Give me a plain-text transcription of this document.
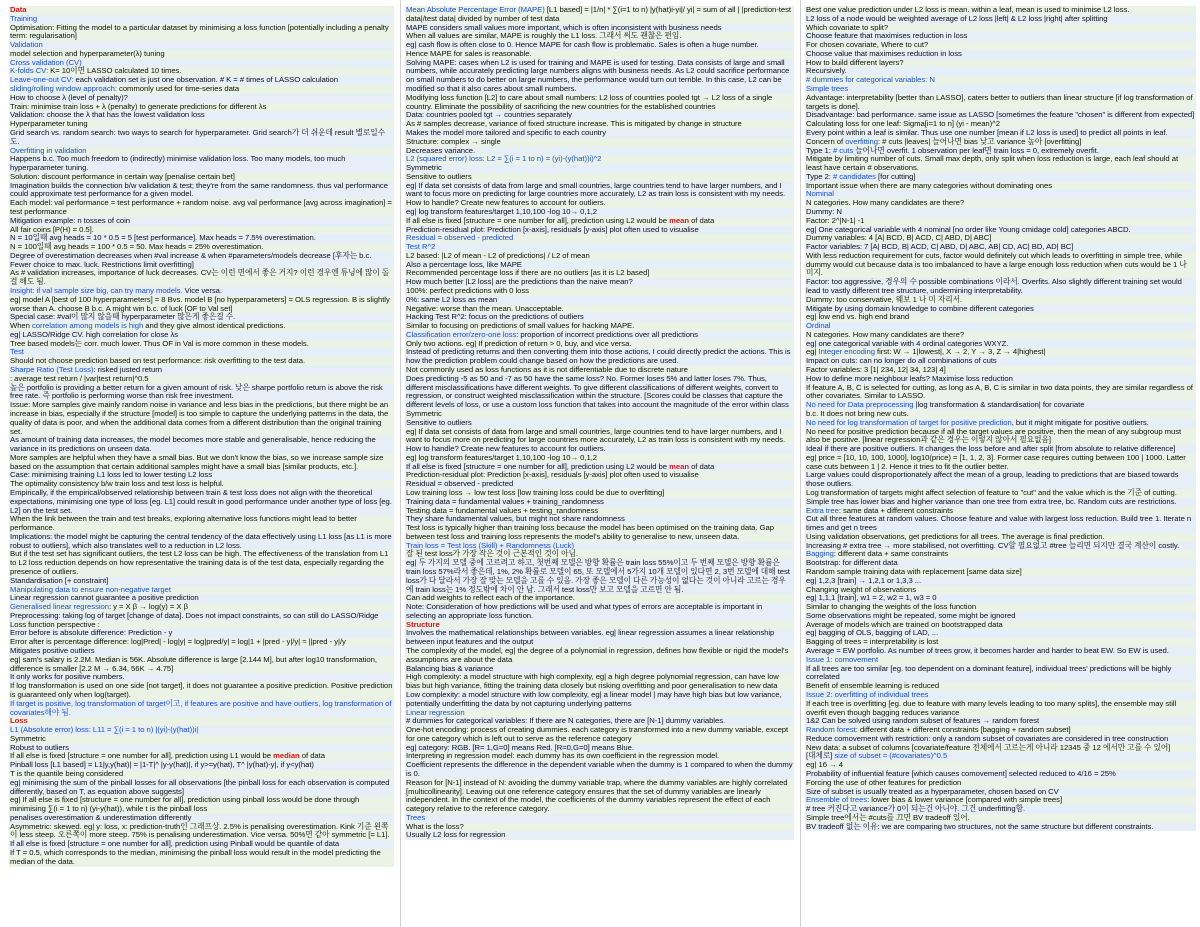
Data
Training
Optimisation: Fitting the model to a particular dataset by minimising a loss function [potentially including a penalty term: regularisation]
Validation
model selection and hyperparameter(λ) tuning
Cross validation (CV)
K-folds CV: K= 10이면 LASSO calculated 10 times.
Leave-one-out CV: each validation set is just one observation. # K = # times of LASSO calculation
sliding/rolling window approach: commonly used for time-series data
How to choose λ (level of penalty)?
Train: minimise train loss + λ (penalty) to generate predictions for different λs
Validation: choose the λ that has the lowest validation loss
Hyperparameter tuning
Grid search vs. random search: two ways to search for hyperparameter. Grid search가 더 쉬운데 result 별로일수도.
Overfitting in validation
Happens b.c. Too much freedom to (indirectly) minimise validation loss. Too many models, too much hyperparameter tuning.
Solution: discount performance in certain way [penalise certain bet]
Imagination builds the connection b/w validation & test; they're from the same randomness. thus val performance could approximate test performance for a given model.
Each model: val performance = test performance + random noise. avg val performance [avg across imagination] = test performance
Mitigation example: n tosses of coin
All fair coins [P(H) = 0.5].
N = 10일때 avg heads = 10 * 0.5 = 5 [test performance]. Max heads = 7.5% overestimation.
N = 100일때 avg heads = 100 * 0.5 = 50. Max heads = 25% overestimation.
Degree of overestimation decreases when #val increase & when #parameters/models decrease [후자는 b.c. Fewer choice to max. luck. Restrictions limit overfitting]
As # validation increases, importance of luck decreases. CV는 이런 면에서 좋은 거지? 이런 경우엔 튜닝에 많이 돌 걸 해도 됨.
Insight: if val sample size big, can try many models. Vice versa.
eg| model A [best of 100 hyperparameters] = 8 Bvs. model B [no hyperparameters] = OLS regression. B is slightly worse than A. choose B b.c. A might win b.c. of luck [OF to Val set]
Special case: #val이 많지 않을때 hyperparameter 많은게 좋은걸 수.
When correlation among models is high and they give almost identical predictions.
eg| LASSO/Ridge CV. high correlation for close λs
Tree based models는 corr. much lower. Thus OF in Val is more common in these models.
Test
Should not choose prediction based on test performance: risk overfitting to the test data.
Sharpe Ratio (Test Loss): risked justed return
: average test return / |var|test return|^0.5
높은 portfolio is providing a better return for a given amount of risk. 낮은 sharpe portfolio return is above the risk free rate. 즉 portfolio is performing worse than risk free investment.
Issue: More samples give mainly random noise in variance and less bias in the predictions, but there might be an increase in bias, especially if the structure [model] is too simple to capture the underlying patterns in the data, the quality of data is poor, and when the additional data comes from a different distribution than the original training set.
As amount of training data increases, the model becomes more stable and generalisable, hence reducing the variance in its predictions on unseen data.
More samples are helpful when they have a small bias. But we don't know the bias, so we increase sample size based on the assumption that certain additional samples might have a small bias [similar products, etc.].
Case: minimising training L1 loss led to lower testing L2 loss
The optimality consistency b/w train loss and test loss is helpful.
Empirically, if the empirical/observed relationship between train & test loss does not align with the theoretical expectations, minimising one type of loss [eg. L1] could result in good performance under another type of loss [eg. L2] on the test set.
When the link between the train and test breaks, exploring alternative loss functions might lead to better performance.
Implications: the model might be capturing the central tendency of the data effectively using L1 loss [as L1 is more robust to outliers], which also translates well to a reduction in L2 loss.
But if the test set has significant outliers, the test L2 loss can be high. The effectiveness of the translation from L1 to L2 loss reduction depends on how representative the training data is of the test data, especially regarding the presence of outliers.
Standardisation [+ constraint]
Manipulating data to ensure non-negative target
Linear regression cannot guarantee a positive prediction
Generalised linear regression: y = X β → log(y) = X β
Preprocessing: taking log of target [change of data]. Does not impact constraints, so can still do LASSO/Ridge
Loss function perspective :
Error before is absolute difference: Prediction - y
Error after is percentage difference: log|Pred| - log|y| = log|pred/y| = log|1 + |pred - y|/y| ≈ ||pred - y|/y
Mitigates positive outliers
eg| sam's salary is 2.2M. Median is 56K. Absolute difference is large [2.144 M], but after log10 transformation, difference is smaller [2.2 M → 6.34, 56K → 4.75]
It only works for positive numbers.
If log transformation is used on one side [not target], it does not guarantee a positive prediction. Positive prediction is guaranteed only when log(target).
If target is positive, log transformation of target이고, if features are positive and have outliers, log transformation of covariates해야 됨.
Loss
L1 (Absolute error) loss: L11 = ∑(i = 1 to n) |(yi)-(y(hat))i|
Symmetric
Robust to outliers
If all else is fixed [structure = one number for all], prediction using L1 would be median of data
Pinball loss [L1 based] = L1|y,y(hat)| = |1-T|^ |y-y(hat)|, if y>=y(hat), T^ |y(hat)-y|, if y<y(hat)
T is the quantile being considered
eg| minimising the sum of the pinball losses for all observations [the pinball loss for each observation is computed differently, based on T, as equation above suggests]
eg| If all else is fixed [structure = one number for all], prediction using pinball loss would be done through minimising ∑(i = 1 to n) (yi-y(hat)), while t is the pinball loss
penalises overestimation & underestimation differently
Asymmetric: skewed. eg| y: loss, x: prediction-truth인 그래프상. 2.5% is penalising overestimation. Kink 기준 왼쪽이 less steep. 오른쪽이 more steep. 75% is penalising underestimation. Vice versa. 50%면 같아 symmetric [= L1].
If all else is fixed [structure = one number for all], prediction using Pinball would be quantile of data
If T = 0.5, which corresponds to the median, minimising the pinball loss would result in the model predicting the median of the data.
Mean Absolute Percentage Error (MAPE) [L1 based] = |1/n| * ∑(i=1 to n) |y(hat)i-yi|/ yi| = sum of all | |prediction-test data|/test data| divided by number of test data
MAPE considers small values more important, which is often inconsistent with business needs
When all values are similar, MAPE is roughly the L1 loss. 그래서 써도 괜찮은 편임.
eg| cash flow is often close to 0. Hence MAPE for cash flow is problematic. Sales is often a huge number.
Hence MAPE for sales is reasonable.
Solving MAPE: cases when L2 is used for training and MAPE is used for testing. Data consists of large and small numbers, while accurately predicting large numbers aligns with business needs. As L2 could sacrifice performance on small numbers to do better on large numbers, the performance would turn out terrible. In this case, L2 can be modified so that it also cares about small numbers.
Modifying loss function [L2] to care about small numbers: L2 loss of countries pooled tgt → L2 loss of a single country. Eliminate the possibility of sacrificing the new countries for the established countries
Data: countries pooled tgt → countries separately
As # samples decrease, variance of fixed structure increase. This is mitigated by change in structure
Makes the model more tailored and specific to each country
Structure: complex → single
Decreases variance.
L2 (squared error) loss: L2 = ∑(i = 1 to n) = (yi)-(y(hat))i)^2
Symmetric
Sensitive to outliers
eg| If data set consists of data from large and small countries, large countries tend to have larger numbers, and I want to focus more on predicting for large countries more accurately, L2 as train loss is consistent with my needs.
How to handle? Create new features to account for outliers.
eg| log transform features/target 1,10,100 -log 10→ 0,1,2
If all else is fixed [structure = one number for all], prediction using L2 would be mean of data
Prediction-residual plot: Prediction [x-axis], residuals [y-axis] plot often used to visualise
Residual = observed - predicted
Test R^2
L2 based: |L2 of mean - L2 of predictions| / L2 of mean
Also a percentage loss, like MAPE
Recommended percentage loss if there are no outliers [as it is L2 based]
How much better |L2 loss| are the predictions than the naive mean?
100%: perfect predictions with 0 loss
0%: same L2 loss as mean
Negative: worse than the mean. Unacceptable.
Hacking Test R^2: focus on the predictions of outliers
Similar to focusing on predictions of small values for hacking MAPE.
Classification error/zero-one loss: proportion of incorrect predictions over all predictions
Only two actions. eg| If prediction of return > 0, buy, and vice versa.
Instead of predicting returns and then converting them into those actions, I could directly predict the actions. This is how the prediction problem could change based on how the predictions are used.
Not commonly used as loss functions as it is not differentiable due to discrete nature
Does predicting -5 as 50 and -7 as 50 have the same loss? No. Former loses 5% and latter loses 7%. Thus, different misclassifications have different weights. To give different classifications of different weights, convert to regression, or construct weighted misclassification within the structure. [Scores could be classes that capture the different levels of loss, or use a custom loss function that takes into account the magnitude of the error within class
Symmetric
Sensitive to outliers
eg| If data set consists of data from large and small countries, large countries tend to have larger numbers, and I want to focus more on predicting for large countries more accurately, L2 as train loss is consistent with my needs.
How to handle? Create new features to account for outliers.
eg| log transform features/target 1,10,100 -log 10→ 0,1,2
If all else is fixed [structure = one number for all], prediction using L2 would be mean of data
Prediction-residual plot: Prediction [x-axis], residuals [y-axis] plot often used to visualise
Residual = observed - predicted
Low training loss → low test loss [low training loss could be due to overfitting]
Training data = fundamental values + training_randomness
Testing data = fundamental values + testing_randomness
They share fundamental values, but might not share randomness
Test loss is typically higher than training loss because the model has been optimised on the training data. Gap between test loss and training loss represents the model's ability to generalise to new, unseen data.
Train loss = Test loss (Skill) + Randomness (Luck)
잘 된 test loss가 가장 작은 것이 근본적인 것이 아님.
eg| 두 가지의 모델 중에 고르려고 하고, 첫번째 모델은 방향 확률은 train loss 55%이고 두 번째 모델은 방향 확률은 train loss 57%라서 좋은데, 1%, 2% 확률로 모델이 65, 또 모델에서 5가지 10개 모델이 있다면 2, 3번 모델에 대해 test loss가 다 달라서 가장 잘 맞는 모델을 고를 수 있음. 가장 좋은 모델이 다른 가능성이 없다는 것이 아니라 고르는 경우에 train loss는 1% 정도밖에 차이 안 남. 그래서 test loss만 보고 모델을 고르면 안 됨.
Can add weights to reflect each of the importance.
Note: Consideration of how predictions will be used and what types of errors are acceptable is important in selecting an appropriate loss function.
Structure
Involves the mathematical relationships between variables. eg| linear regression assumes a linear relationship between input features and the output
The complexity of the model, eg| the degree of a polynomial in regression, defines how flexible or rigid the model's assumptions are about the data
Balancing bias & variance
High complexity: a model structure with high complexity, eg| a high degree polynomial regression, can have low bias but high variance, fitting the training data closely but risking overfitting and poor generalisation to new data
Low complexity: a model structure with low complexity, eg| a linear model | may have high bias but low variance, potentially underfitting the data by not capturing underlying patterns
Linear regression
# dummies for categorical variables: If there are N categories, there are [N-1] dummy variables.
One-hot encoding: process of creating dummies. each category is transformed into a new dummy variable, except for one category which is left out to serve as the reference category
eg| category: RGB. [R= 1,G=0] means Red. [R=0,G=0] means Blue.
Interpreting in regression model: each dummy has its own coefficient in the regression model.
Coefficient represents the difference in the dependent variable when the dummy is 1 compared to when the dummy is 0.
Reason for [N-1] instead of N: avoiding the dummy variable trap, where the dummy variables are highly correlated [multicollinearity]. Leaving out one reference category ensures that the set of dummy variables are linearly independent. In the context of the model, the coefficients of the dummy variables represent the effect of each category relative to the reference category.
Trees
What is the loss?
Usually L2 loss for regression
Best one value prediction under L2 loss is mean. within a leaf, mean is used to minimise L2 loss.
L2 loss of a node would be weighted average of L2 loss |left| & L2 loss |right| after splitting
Which covariate to split?
Choose feature that maximises reduction in loss
For chosen covariate, Where to cut?
Choose value that maximises reduction in loss
How to build different layers?
Recursively.
# dummies for categorical variables: N
Simple trees
Advantage: interpretability [better than LASSO], caters better to outliers than linear structure [if log transformation of targets is done].
Disadvantage: bad performance. same issue as LASSO [sometimes the feature "chosen" is different from expected]
Calculating loss for one leaf: Sigma[i=1 to n] (yi - mean)^2
Every point within a leaf is similar. Thus use one number [mean if L2 loss is used] to predict all points in leaf.
Concern of overfitting: # cuts |leaves| 늘어나면 bias 낮고 variance 높아 [overfitting]
Type 1: # cuts 늘어나면 overfit. 1 observation per leaf면 train loss = 0, extremely overfit.
Mitigate by limiting number of cuts. Small max depth, only split when loss reduction is large, each leaf should at least have certain # observations.
Type 2: # candidates [for cutting]
Important issue when there are many categories without dominating ones
Nominal
N categories. How many candidates are there?
Dummy: N
Factor: 2^|N-1| -1
eg| One categorical variable with 4 nominal [no order like Young cmidage cold] categories ABCD.
Dummy variables: 4 [A| BCD, B| ACD, C| ABD, D| ABC]
Factor variables: 7 [A| BCD, B| ACD, C| ABD, D| ABC, AB| CD, AC| BD, AD| BC]
With less reduction requirement for cuts, factor would definitely cut which leads to overfitting in simple tree, while dummy would cut because data is too imbalanced to have a large enough loss reduction when cuts would be 1 나 미지.
Factor: too aggressive, 경우의 수 possible combinations 이라서. Overfits. Also slightly different training set would lead to vastly different tree structure, undermining interpretability.
Dummy: too conservative, 웨보 1 나 미 자리서.
Mitigate by using domain knowledge to combine different categories
eg| low end vs. high end brand
Ordinal
N categories. How many candidates are there?
eg| one categorical variable with 4 ordinal categories WXYZ.
eg| Integer encoding first: W → 1|lowest|, X → 2, Y → 3, Z → 4|highest|
Impact on cuts: can no longer do all combinations of cuts
Factor variables: 3 [1| 234, 12| 34, 123| 4]
How to define more neighbour leafs? Maximise loss reduction
If feature A, B, C is selected for cutting, as long as A, B, C is similar in two data points, they are similar regardless of other covariates. Similar to LASSO.
No need for Data preprocessing |log transformation & standardisation| for covariate
b.c. It does not bring new cuts.
No need for log transformation of target for positive prediction, but it might mitigate for positive outliers.
No need for positive prediction because if all the target values are positive, then the mean of any subgroup must also be positive. [linear regression과 같은 경우는 이렇지 않아서 필요없음]
Ideal if there are positive outliers. It changes the loss before and after split [from absolute to relative difference]
eg| price = [10, 10, 100, 1000], log10(price) = [1, 1, 2, 3]. Former case requires cutting between 100 | 1000. Latter case cuts between 1 | 2. Hence it tries to fit the outlier better.
Large values could disproportionately affect the mean of a group, leading to predictions that are biased towards those outliers.
Log transformation of targets might affect selection of feature to "cut" and the value which is the 기준 of cutting.
Simple tree has lower bias and higher variance than one tree from extra tree, bc. Random cuts are restrictions.
Extra tree: same data + different constraints
Cut all three features at random values. Choose feature and value with largest loss reduction. Build tree 1. Iterate n times and get n trees
Using validation observations, get predictions for all trees. The average is final prediction.
Increasing # extra tree → more stabilised, not overfitting. CV할 필요없고 #tree 늘리면 되지만 결국 계산이 costly.
Bagging: different data + same constraints
Bootstrap: for different data
Random sample training data with replacement [same data size]
eg| 1,2,3 [train] → 1,2,1 or 1,3,3 ...
Changing weight of observations
eg| 1,1,1 [train], w1 = 2, w2 = 1, w3 = 0
Similar to changing the weights of the loss function
Some observations might be repeated, some might be ignored
Average of models which are trained on bootstrapped data
eg| bagging of OLS, bagging of LAD, ...
Bagging of trees = interpretability is lost
Average = EW portfolio. As number of trees grow, it becomes harder and harder to beat EW. So EW is used.
Issue 1: comovement
If all trees are too similar [eg. too dependent on a dominant feature], individual trees' predictions will be highly correlated
Benefit of ensemble learning is reduced
Issue 2: overfitting of individual trees
If each tree is overfitting [eg. due to feature with many levels leading to too many splits], the ensemble may still overfit even though bagging reduces variance
1&2 Can be solved using random subset of features → random forest
Random forest: different data + different constraints [bagging + random subset]
Reduce comovement with restriction: only a random subset of covariates are considered in tree construction
New data: a subset of columns [covariate/feature 전체에서 고르는게 아니라 12345 중 12 에서만 고를 수 있어]
[대체로] size of subset = (#covariates)^0.5
eg| 16 → 4
Probability of influential feature [which causes comovement] selected reduced to 4/16 = 25%
Forcing the use of other features for prediction
Size of subset is usually treated as a hyperparameter, chosen based on CV
Ensemble of trees: lower bias & lower variance [compared with simple trees]
# tree 커진다고 variance가 0이 되는건 아니야. 그건 underfitting함.
Simple tree에서는 #cuts를 끄면 BV tradeoff 있어.
BV tradeoff 없는 이유: we are comparing two structures, not the same structure but different constraints.
